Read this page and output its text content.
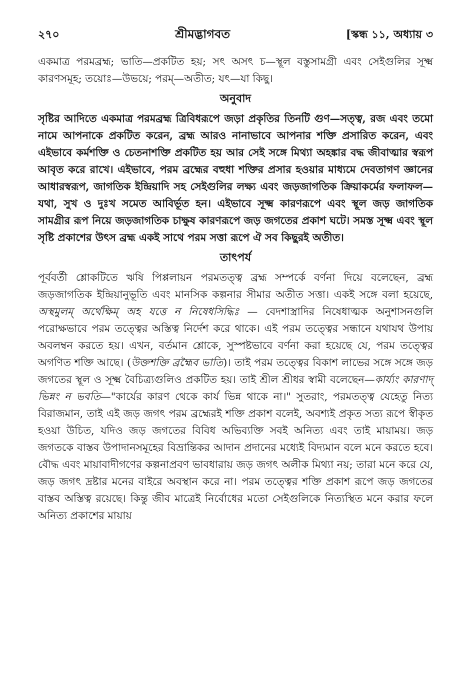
২৭০	শ্রীমদ্ভাগবত	[স্কন্ধ ১১, অধ্যায় ৩
একমাত্র পরমব্রহ্ম; ভাতি—প্রকটিত হয়; সৎ অসৎ চ—স্থূল বস্তুসামগ্রী এবং সেইগুলির সূক্ষ্ম কারণসমূহ; তয়োঃ—উভয়ে; পরম্—অতীত; যৎ—যা কিছু।
অনুবাদ
সৃষ্টির আদিতে একমাত্র পরমব্রহ্ম ত্রিবিধরূপে জড়া প্রকৃতির তিনটি গুণ—সত্ত্ব, রজ এবং তমো নামে আপনাকে প্রকটিত করেন, ব্রহ্ম আরও নানাভাবে আপনার শক্তি প্রসারিত করেন, এবং এইভাবে কর্মশক্তি ও চেতনাশক্তি প্রকটিত হয় আর সেই সঙ্গে মিথ্যা অহঙ্কার বদ্ধ জীবাত্মার স্বরূপ আবৃত করে রাখে। এইভাবে, পরম ব্রহ্মের বহুধা শক্তির প্রসার হওয়ার মাধ্যমে দেবতাগণ জ্ঞানের আধারস্বরূপ, জাগতিক ইন্দ্রিয়াদি সহ সেইগুলির লক্ষ্য এবং জড়জাগতিক ক্রিয়াকর্মের ফলাফল—যথা, সুখ ও দুঃখ সমেত আবির্ভূত হন। এইভাবে সূক্ষ্ম কারণরূপে এবং স্থূল জড় জাগতিক সামগ্রীর রূপ নিয়ে জড়জাগতিক চাক্ষুষ কারণরূপে জড় জগতের প্রকাশ ঘটে। সমস্ত সূক্ষ্ম এবং স্থূল সৃষ্টি প্রকাশের উৎস ব্রহ্ম একই সাথে পরম সত্তা রূপে ঐ সব কিছুরই অতীত।
তাৎপর্য
পূর্ববর্তী শ্লোকটিতে ঋষি পিপ্পলায়ন পরমতত্ত্ব ব্রহ্ম সম্পর্কে বর্ণনা দিয়ে বলেছেন, ব্রহ্ম জড়জাগতিক ইন্দ্রিয়ানুভূতি এবং মানসিক কল্পনার সীমার অতীত সত্তা। একই সঙ্গে বলা হয়েছে, অস্থমুলম্ অর্থেক্ষিম্ অহ যত্তে ন নিষেধসিদ্ধিঃ — বেদশাস্ত্রাদির নিষেধাত্মক অনুশাসনগুলি পরোক্ষভাবে পরম তত্ত্বের অস্তিত্ব নির্দেশ করে থাকে। এই পরম তত্ত্বের সন্ধানে যথাযথ উপায় অবলম্বন করতে হয়। এখন, বর্তমান শ্লোকে, সুস্পষ্টভাবে বর্ণনা করা হয়েছে যে, পরম তত্ত্বের অগণিত শক্তি আছে। (উক্তশক্তি ব্রহ্মৈব ভাতি)। তাই পরম তত্ত্বের বিকাশ লাভের সঙ্গে সঙ্গে জড় জগতের স্থূল ও সূক্ষ্ম বৈচিত্র্যগুলিও প্রকটিত হয়। তাই শ্রীল শ্রীধর স্বামী বলেছেন—কার্য্যং কারণাদ্ ভিন্নং ন ভবতি—"কার্যের কারণ থেকে কার্য ভিন্ন থাকে না।" সুতরাং, পরমতত্ত্ব যেহেতু নিত্য বিরাজমান, তাই এই জড় জগৎ পরম ব্রহ্মেরই শক্তি প্রকাশ বলেই, অবশ্যই প্রকৃত সত্য রূপে স্বীকৃত হওয়া উচিত, যদিও জড় জগতের বিবিধ অভিব্যক্তি সবই অনিত্য এবং তাই মায়াময়। জড় জগতকে বাস্তব উপাদানসমূহের বিভ্রান্তিকর আদান প্রদানের মধ্যেই বিদ্যমান বলে মনে করতে হবে। বৌদ্ধ এবং মায়াবাদীগণের কল্পনাপ্রবণ ভাবধারায় জড় জগৎ অলীক মিথ্যা নয়; তারা মনে করে যে, জড় জগৎ দ্রষ্টার মনের বাইরে অবস্থান করে না। পরম তত্ত্বের শক্তি প্রকাশ রূপে জড় জগতের বাস্তব অস্তিত্ব রয়েছে। কিন্তু জীব মাত্রেই নির্বোধের মতো সেইগুলিকে নিত্যস্থিত মনে করার ফলে অনিত্য প্রকাশের মায়ায়
